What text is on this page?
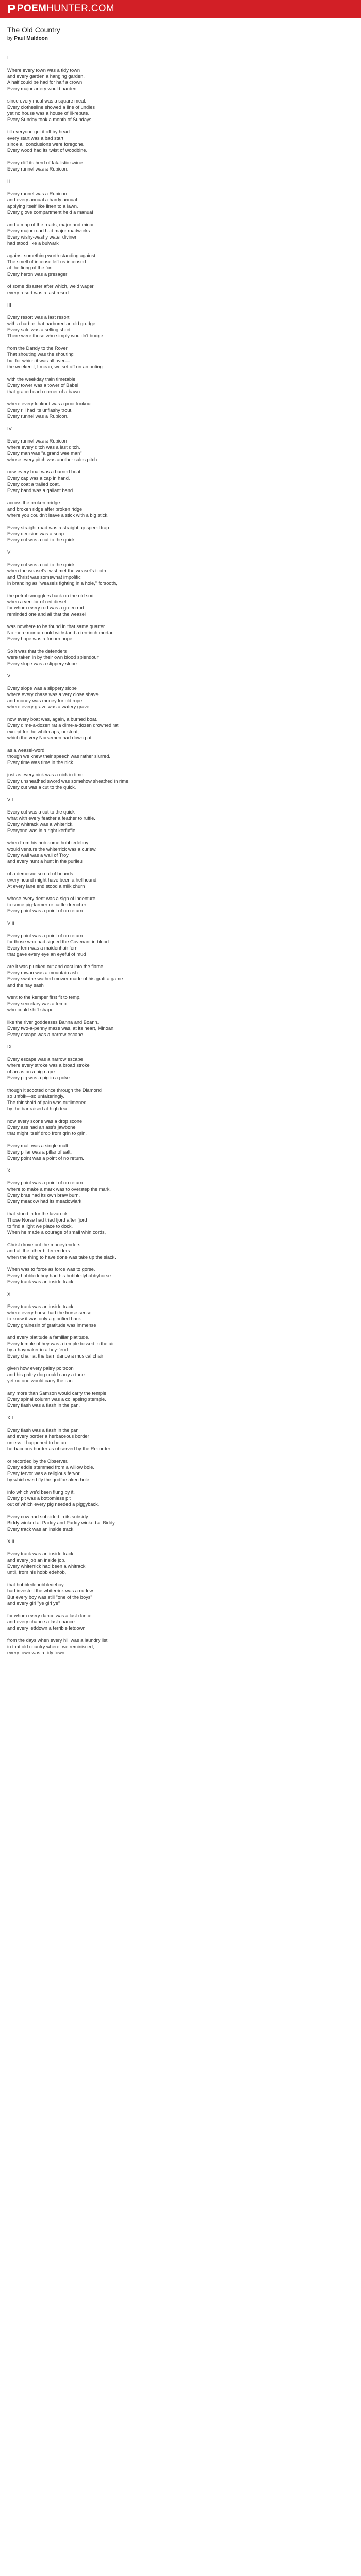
POEM HUNTER.COM
The Old Country
by Paul Muldoon
I
Where every town was a tidy town
and every garden a hanging garden.
A half could be had for half a crown.
Every major artery would harden
since every meal was a square meal.
Every clothesline showed a line of undies
yet no house was a house of ill-repute.
Every Sunday took a month of Sundays
till everyone got it off by heart
every start was a bad start
since all conclusions were foregone.
Every wood had its twist of woodbine.
Every cliff its herd of fatalistic swine.
Every runnel was a Rubicon.
II
Every runnel was a Rubicon
and every annual a hardy annual
applying itself like linen to a lawn.
Every glove compartment held a manual
and a map of the roads, major and minor.
Every major road had major roadworks.
Every wishy-washy water diviner
had stood like a bulwark
against something worth standing against.
The smell of incense left us incensed
at the firing of the fort.
Every heron was a presager
of some disaster after which, we'd wager,
every resort was a last resort.
III
Every resort was a last resort
with a harbor that harbored an old grudge.
Every sale was a selling short.
There were those who simply wouldn't budge
from the Dandy to the Rover.
That shouting was the shouting
but for which it was all over—
the weekend, I mean, we set off on an outing
with the weekday train timetable.
Every tower was a tower of Babel
that graced each corner of a bawn
where every lookout was a poor lookout.
Every rill had its unflashy trout.
Every runnel was a Rubicon.
IV
Every runnel was a Rubicon
where every ditch was a last ditch.
Every man was "a grand wee man"
whose every pitch was another sales pitch
now every boat was a burned boat.
Every cap was a cap in hand.
Every coat a trailed coat.
Every band was a gallant band
across the broken bridge
and broken ridge after broken ridge
where you couldn't leave a stick with a big stick.
Every straight road was a straight up speed trap.
Every decision was a snap.
Every cut was a cut to the quick.
V
Every cut was a cut to the quick
when the weasel's twist met the weasel's tooth
and Christ was somewhat impolitic
in branding as "weasels fighting in a hole," forsooth,
the petrol smugglers back on the old sod
when a vendor of red diesel
for whom every rod was a green rod
reminded one and all that the weasel
was nowhere to be found in that same quarter.
No mere mortar could withstand a ten-inch mortar.
Every hope was a forlorn hope.
So it was that the defenders
were taken in by their own blood splendour.
Every slope was a slippery slope.
VI
Every slope was a slippery slope
where every chase was a very close shave
and money was money for old rope
where every grave was a watery grave
now every boat was, again, a burned boat.
Every dime-a-dozen rat a dime-a-dozen drowned rat
except for the whitecaps, or stoat,
which the very Norsemen had down pat
as a weasel-word
though we knew their speech was rather slurred.
Every time was time in the nick
just as every nick was a nick in time.
Every unsheathed sword was somehow sheathed in rime.
Every cut was a cut to the quick.
VII
Every cut was a cut to the quick
what with every feather a feather to ruffle.
Every whitrack was a whiterick.
Everyone was in a right kerfuffle
when from his hob some hobbledehoy
would venture the whiterrick was a curlew.
Every wall was a wall of Troy
and every hunt a hunt in the purlieu
of a demesne so out of bounds
every hound might have been a hellhound.
At every lane end stood a milk churn
whose every dent was a sign of indenture
to some pig-farmer or cattle drencher.
Every point was a point of no return.
VIII
Every point was a point of no return
for those who had signed the Covenant in blood.
Every fern was a maidenhair fern
that gave every eye an eyeful of mud
are it was plucked out and cast into the flame.
Every rowan was a mountain ash.
Every swath-swathed mower made of his graft a game
and the hay sash
went to the kemper first fit to temp.
Every secretary was a temp
who could shift shape
like the river goddesses Banna and Boann.
Every two-a-penny maze was, at its heart, Minoan.
Every escape was a narrow escape.
IX
Every escape was a narrow escape
where every stroke was a broad stroke
of an as on a pig nape.
Every pig was a pig in a poke
though it scooted once through the Diamond
so unfolk—so unfalteringly.
The thinshold of pain was outlimened
by the bar raised at high tea
now every scone was a drop scone.
Every ass had an ass's jawbone
that might itself drop from grin to grin.
Every malt was a single malt.
Every pillar was a pillar of salt.
Every point was a point of no return.
X
Every point was a point of no return
where to make a mark was to overstep the mark.
Every brae had its own braw burn.
Every meadow had its meadowlark
that stood in for the lavarock.
Those Norse had tried fjord after fjord
to find a light we place to dock.
When he made a courage of small whin cords,
Christ drove out the moneylenders
and all the other bitter-enders
when the thing to have done was take up the slack.
When was to force as force was to gorse.
Every hobbledehoy had his hobbledyhobbyhorse.
Every track was an inside track.
XI
Every track was an inside track
where every horse had the horse sense
to know it was only a glorified hack.
Every grainesin of gratitude was immense
and every platitude a familiar platitude.
Every lemple of hey was a temple tossed in the air
by a haymaker in a hey-feud.
Every chair at the barn dance a musical chair
given how every paltry poltroon
and his paltry dog could carry a tune
yet no one would carry the can
any more than Samson would carry the temple.
Every spinal column was a collapsing stemple.
Every flash was a flash in the pan.
XII
Every flash was a flash in the pan
and every border a herbaceous border
unless it happened to be an
herbaceous border as observed by the Recorder
or recorded by the Observer.
Every eddie stemmed from a willow bole.
Every fervor was a religious fervor
by which we'd fly the godforsaken hole
into which we'd been flung by it.
Every pit was a bottomless pit
out of which every pig needed a piggyback.
Every cow had subsided in its subsidy.
Biddy winked at Paddy and Paddy winked at Biddy.
Every track was an inside track.
XIII
Every track was an inside track
and every job an inside job.
Every whiterrick had been a whitrack
until, from his hobbledehob,
that hobbledehobbledehoy
had invested the whiterrick was a curlew.
But every boy was still "one of the boys"
and every girl "ye girl ye"
for whom every dance was a last dance
and every chance a last chance
and every lettdown a terrible letdown
from the days when every hill was a laundry list
in that old country where, we reminisced,
every town was a tidy town.
